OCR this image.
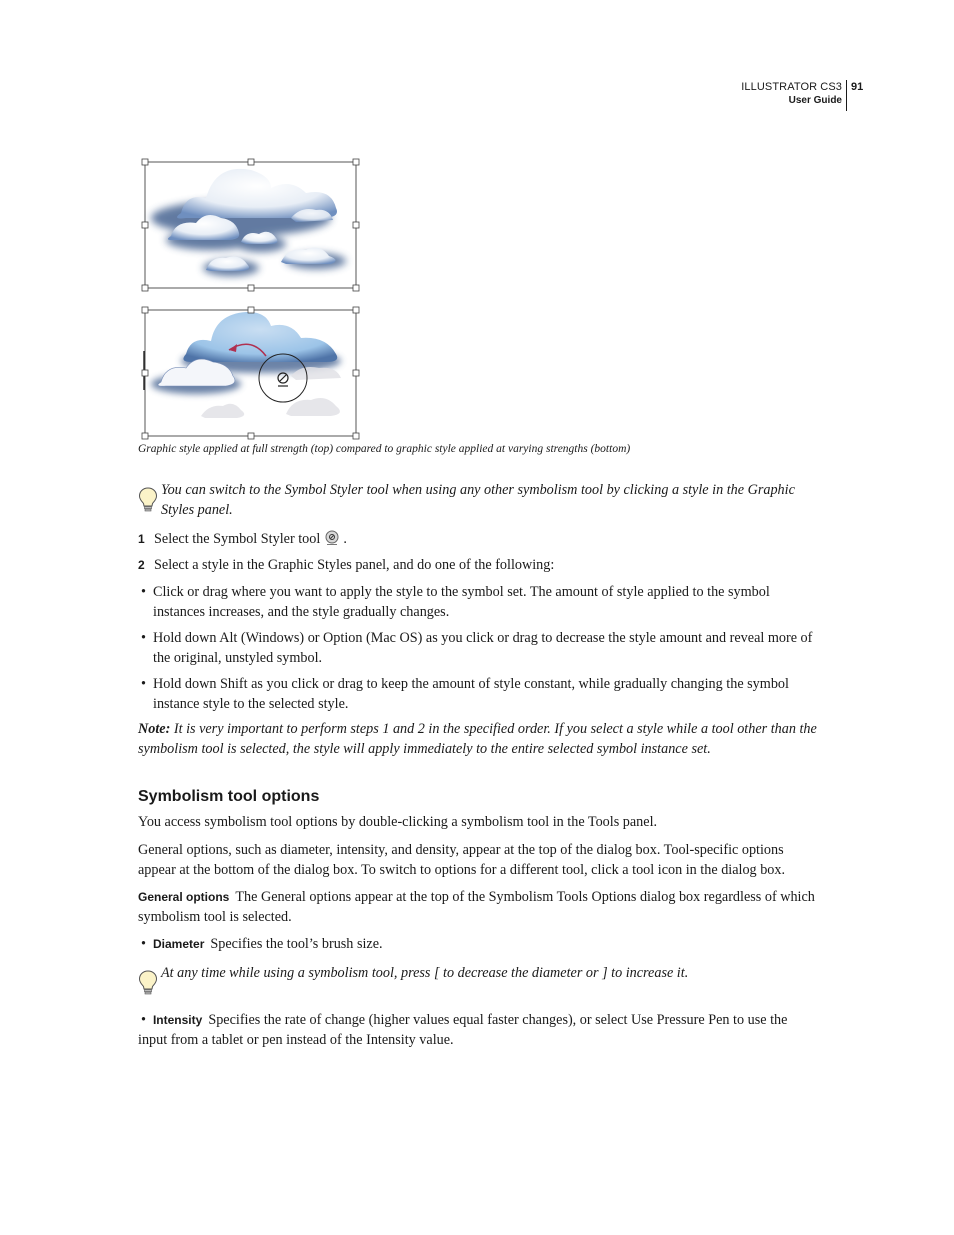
ILLUSTRATOR CS3
User Guide
91
Graphic style applied at full strength (top) compared to graphic style applied at varying strengths (bottom)
You can switch to the Symbol Styler tool when using any other symbolism tool by clicking a style in the Graphic Styles panel.
1 Select the Symbol Styler tool .
2 Select a style in the Graphic Styles panel, and do one of the following:
• Click or drag where you want to apply the style to the symbol set. The amount of style applied to the symbol instances increases, and the style gradually changes.
• Hold down Alt (Windows) or Option (Mac OS) as you click or drag to decrease the style amount and reveal more of the original, unstyled symbol.
• Hold down Shift as you click or drag to keep the amount of style constant, while gradually changing the symbol instance style to the selected style.
Note: It is very important to perform steps 1 and 2 in the specified order. If you select a style while a tool other than the symbolism tool is selected, the style will apply immediately to the entire selected symbol instance set.
Symbolism tool options
You access symbolism tool options by double-clicking a symbolism tool in the Tools panel.
General options, such as diameter, intensity, and density, appear at the top of the dialog box. Tool-specific options appear at the bottom of the dialog box. To switch to options for a different tool, click a tool icon in the dialog box.
General options The General options appear at the top of the Symbolism Tools Options dialog box regardless of which symbolism tool is selected.
• Diameter Specifies the tool’s brush size.
At any time while using a symbolism tool, press [ to decrease the diameter or ] to increase it.
• Intensity Specifies the rate of change (higher values equal faster changes), or select Use Pressure Pen to use the input from a tablet or pen instead of the Intensity value.
